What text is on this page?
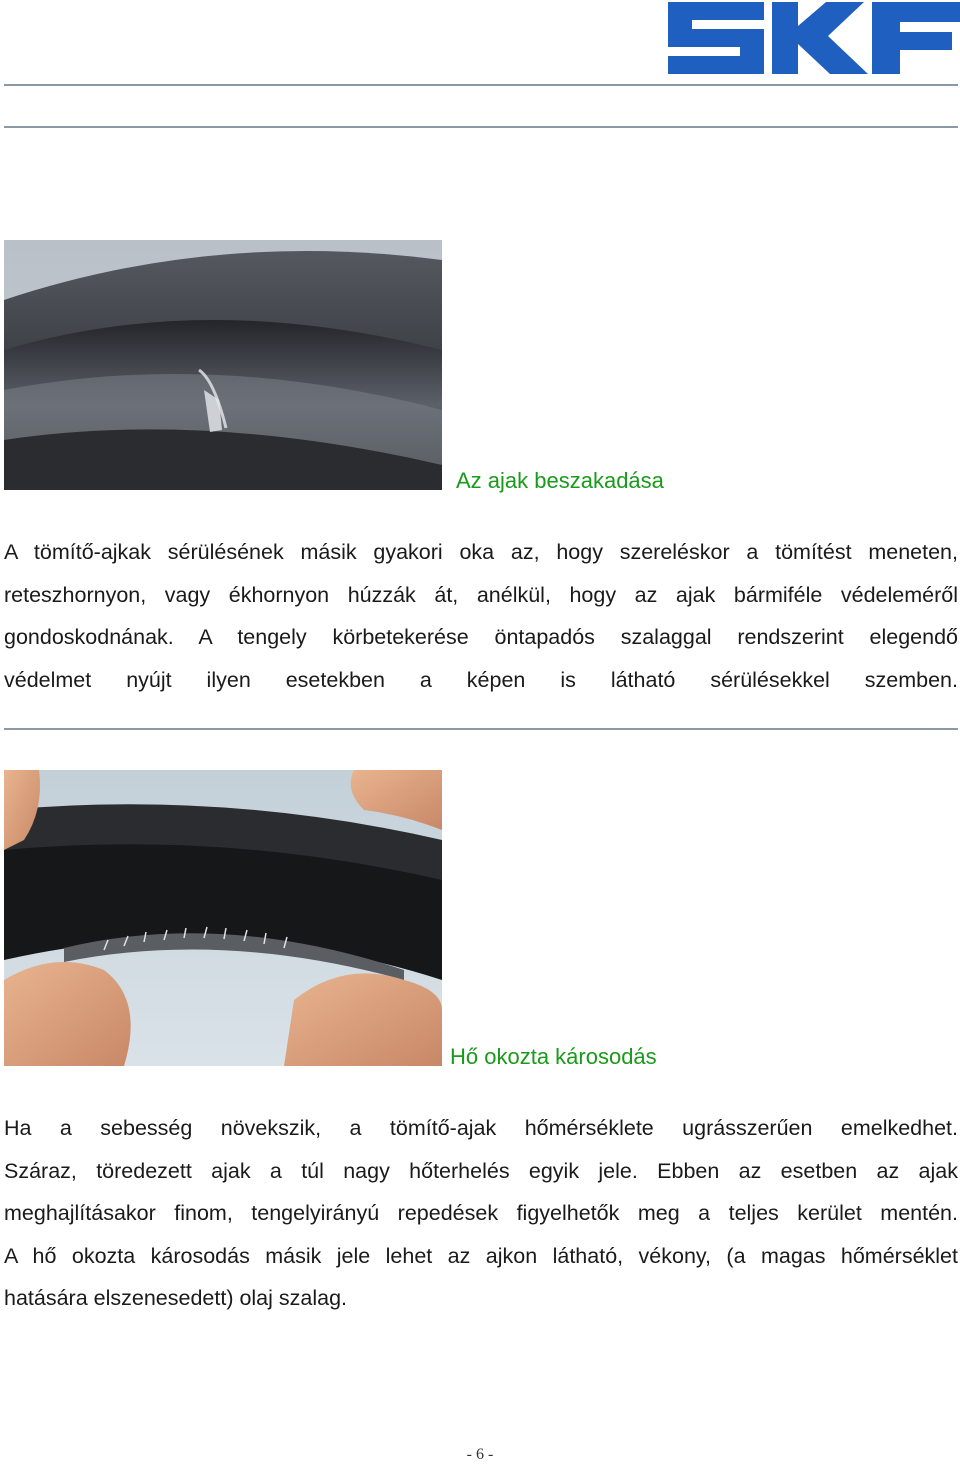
Az ajak beszakadása

A tömítő-ajkak sérülésének másik gyakori oka az, hogy szereléskor a tömítést meneten,
reteszhornyon, vagy ékhornyon húzzák át, anélkül, hogy az ajak bármiféle védeleméről
gondoskodnának. A tengely körbetekerése öntapadós szalaggal rendszerint elegendő
védelmet nyújt ilyen esetekben a képen is látható sérülésekkel szemben.

Hő okozta károsodás

Ha a sebesség növekszik, a tömítő-ajak hőmérséklete ugrásszerűen emelkedhet.
Száraz, töredezett ajak a túl nagy hőterhelés egyik jele. Ebben az esetben az ajak
meghajlításakor finom, tengelyirányú repedések figyelhetők meg a teljes kerület mentén.
A hő okozta károsodás másik jele lehet az ajkon látható, vékony, (a magas hőmérséklet
hatására elszenesedett) olaj szalag.

- 6 -
